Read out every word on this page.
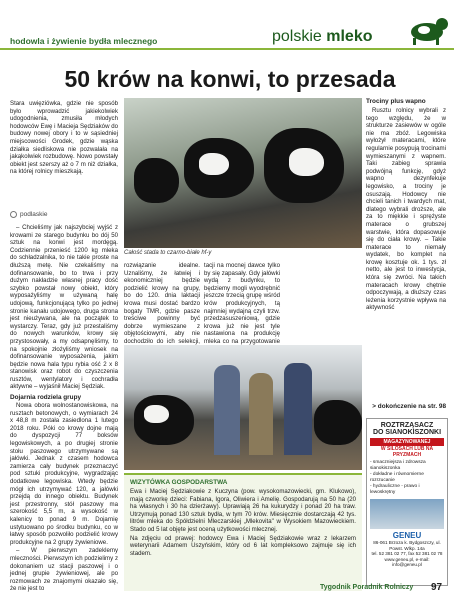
hodowla i żywienie bydła mlecznego	polskie mleko
50 krów na konwi, to przesada

Stara uwięziówka, gdzie nie sposób było wprowadzić jakiekolwiek udogodnienia, zmusiła młodych hodowców Ewę i Macieja Sędziaków do budowy nowej obory i to w sąsiedniej miejscowości Grodek, gdzie wąska działka siedliskowa nie pozwalała na jakąkolwiek rozbudowę. Nowo powstały obiekt jest szerszy aż o 7 m niż działka, na której rolnicy mieszkają.

podlaskie

– Chcieliśmy jak najszybciej wyjść z krowami ze starego budynku bo dój 50 sztuk na konwi jest mordęgą. Codziennie przenieść 1200 kg mleka do schładzalnika, to nie takie proste na dłuższą metę. Nie czekaliśmy na dofinansowanie, bo to trwa i przy dużym nakładzie własnej pracy dość szybko powstał nowy obiekt, który wyposażyliśmy w używaną halę udojową, funkcjonującą tylko po jednej stronie kanału udojowego, druga strona jest nieużywana, ale na początek to wystarczy. Teraz, gdy już przestaliśmy do nowych warunków, krowy się przystosowały, a my odsapnęliśmy, to na spokojnie złożyliśmy wniosek na dofinansowanie wyposażenia, jakim będzie nowa hala typu rybia ość 2 x 8 stanowisk oraz robot do czyszczenia rusztów, wentylatory i cochradła aktywne – wyjaśnił Maciej Sędziak.

Dojarnia rodziela grupy

Nowa obora wolnostanowiskowa, na rusztach betonowych, o wymiarach 24 x 48,8 m została zasiedlona 1 lutego 2018 roku. Póki co krowy dojne mają do dyspozycji 77 boksów legowiskowych, a po drugiej stronie stołu paszowego utrzymywane są jałówki. Jednak z czasem hodowca zamierza cały budynek przeznaczyć pod sztuki produkcyjne, wygradzając dodatkowe legowiska. Wtedy będzie mógł ich utrzymywać 120, a jałówki przejdą do innego obiektu. Budynek jest przestronny, stół paszowy ma szerokość 5,5 m, a wysokość w kalenicy to ponad 9 m. Dojarnię ustytuowano po środku budynku, co w łatwy sposób pozwoliło podzielić krowy produkcyjne na 2 grupy żywieniowe.

– W pierwszym zadeklemy mleczności. Pierwszym ich podzielimy z dokonaniem uz stacji paszowej i o jednej grupie żywieniowej, ale po rozmowach ze znajomymi okazało się, że nie jest to

Całość stada to czarno-białe hf-y
rozwiązanie idealne. Uznaliśmy, że łatwiej i ekonomiczniej będzie podzielić krowy na grupy, bo do 120. dnia laktacji krowa musi dostać bardzo bogaty TMR, gdzie pasze treściwe powinny być dobrze wymieszane z objętościowymi, aby nie dochodziło do ich selekcji,
tacji na mocnej dawce tylko by się zapasały. Gdy jałówki wydą z budynku, to będziemy mogli wyodrębnić jeszcze trzecią grupę wśród krów produkcyjnych, tą najmniej wydajną czyli trzw. przedzasuszeniową, gdzie krowa już nie jest tyle nastawiona na produkcję mleka co na przygotowanie
Trociny plus wapno

Rusztu rolnicy wybrali z tego względu, że w strukturze zasiewów w ogóle nie ma zbóż. Legowiska wyłożył materacami, które regularnie posypują trocinami wymieszanymi z wapnem. Taki zabieg sprawia podwójną funkcję, gdyż wapno dezynfekuje legowisko, a trociny je osuszają. Hodowcy nie chcieli tanich i twardych mat, dlatego wybrali droższe, ale za to miękkie i sprężyste materace o grubszej warstwie, która dopasowuje się do ciała krowy. – Takie materace to niemały wydatek, bo komplet na krowę kosztuje ok. 1 tys. zł netto, ale jest to inwestycja, która się zwróci. Na takich materacach krowy chętnie odpoczywają, a dłuższy czas leżenia korzystnie wpływa na aktywność

> dokończenie na str. 98
WIZYTÓWKA GOSPODARSTWA

Ewa i Maciej Sędziakowie z Kuczyna (pow. wysokomazowiecki, gm. Klukowo), mają czworkę dzieci: Fabiana, Igora, Oliwiera i Amelię. Gospodarują na 50 ha (20 ha własnych i 30 ha dzierżawy). Uprawiają 26 ha kukurydzy i ponad 20 ha traw. Utrzymują ponad 130 sztuk bydła, w tym 70 krów. Miesięcznie dostarczają 42 tys. litrów mleka do Spółdzielni Mleczarskiej „Mlekovita" w Wysokiem Mazowieckiem. Stado od 5 lat objęte jest oceną użytkowości mlecznej.

Na zdjęciu od prawej: hodowcy Ewa i Maciej Sędziakowie wraz z lekarzem weterynarii Adamem Uszyńskim, który od 6 lat kompleksowo zajmuje się ich stadem.

ROZTRZĄSACZ
DO SIANOKISZONKI
MAGAZYNOWANEJ
W SILOSACH LUB NA PRYZMACH
- smaczniejsza i zdrowsza sianokiszonka
- dokładne i równomierne rozrzucanie
- hydrauliczne - prawo i lewoskrętny
GENEU
86-061 Brzoza k. Bydgoszczy, ul. Powst. Wlkp. 14a
tel. 52 381 02 77, fax 52 381 02 78
www.geneu.pl, e-mail: info@geneu.pl
Tygodnik Poradnik Rolniczy 97
